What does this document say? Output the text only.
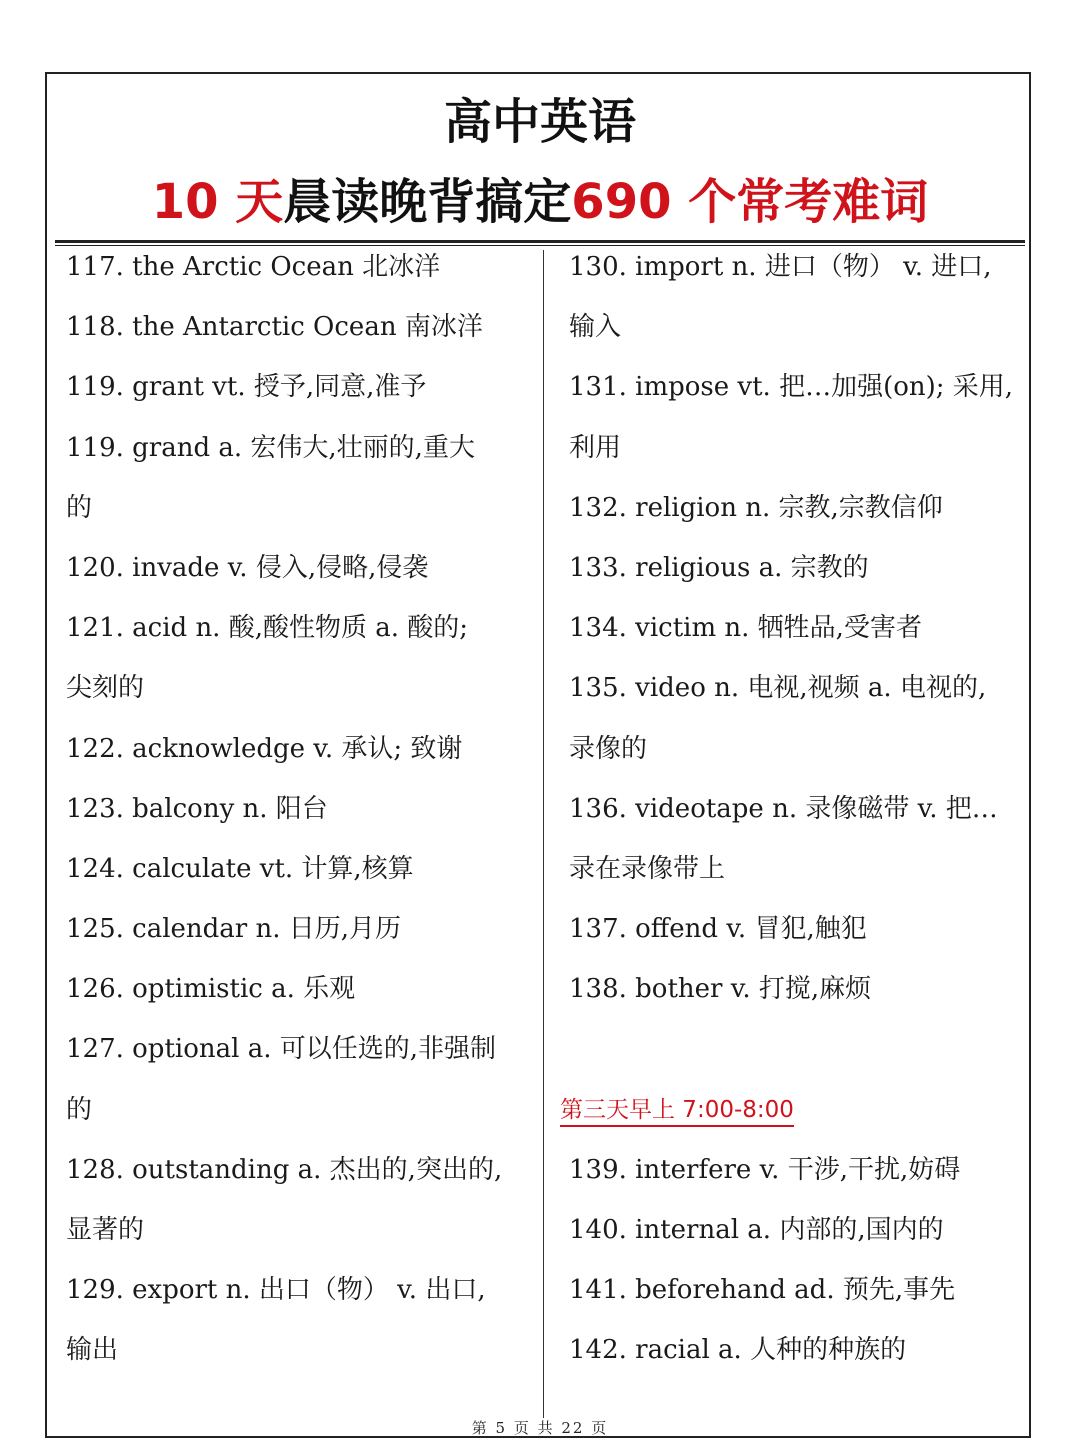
高中英语
10 天晨读晚背搞定690 个常考难词
117. the Arctic Ocean 北冰洋
118. the Antarctic Ocean 南冰洋
119. grant vt. 授予,同意,准予
119. grand a. 宏伟大,壮丽的,重大
的
120. invade v. 侵入,侵略,侵袭
121. acid n. 酸,酸性物质 a. 酸的;
尖刻的
122. acknowledge v. 承认; 致谢
123. balcony n. 阳台
124. calculate vt. 计算,核算
125. calendar n. 日历,月历
126. optimistic a. 乐观
127. optional a. 可以任选的,非强制
的
128. outstanding a. 杰出的,突出的,
显著的
129. export n. 出口（物） v. 出口,
输出
130. import n. 进口（物） v. 进口,
输入
131. impose vt. 把…加强(on); 采用,
利用
132. religion n. 宗教,宗教信仰
133. religious a. 宗教的
134. victim n. 牺牲品,受害者
135. video n. 电视,视频 a. 电视的,
录像的
136. videotape n. 录像磁带 v. 把…
录在录像带上
137. offend v. 冒犯,触犯
138. bother v. 打搅,麻烦
第三天早上 7:00-8:00
139. interfere v. 干涉,干扰,妨碍
140. internal a. 内部的,国内的
141. beforehand ad. 预先,事先
142. racial a. 人种的种族的
第 5 页 共 22 页
